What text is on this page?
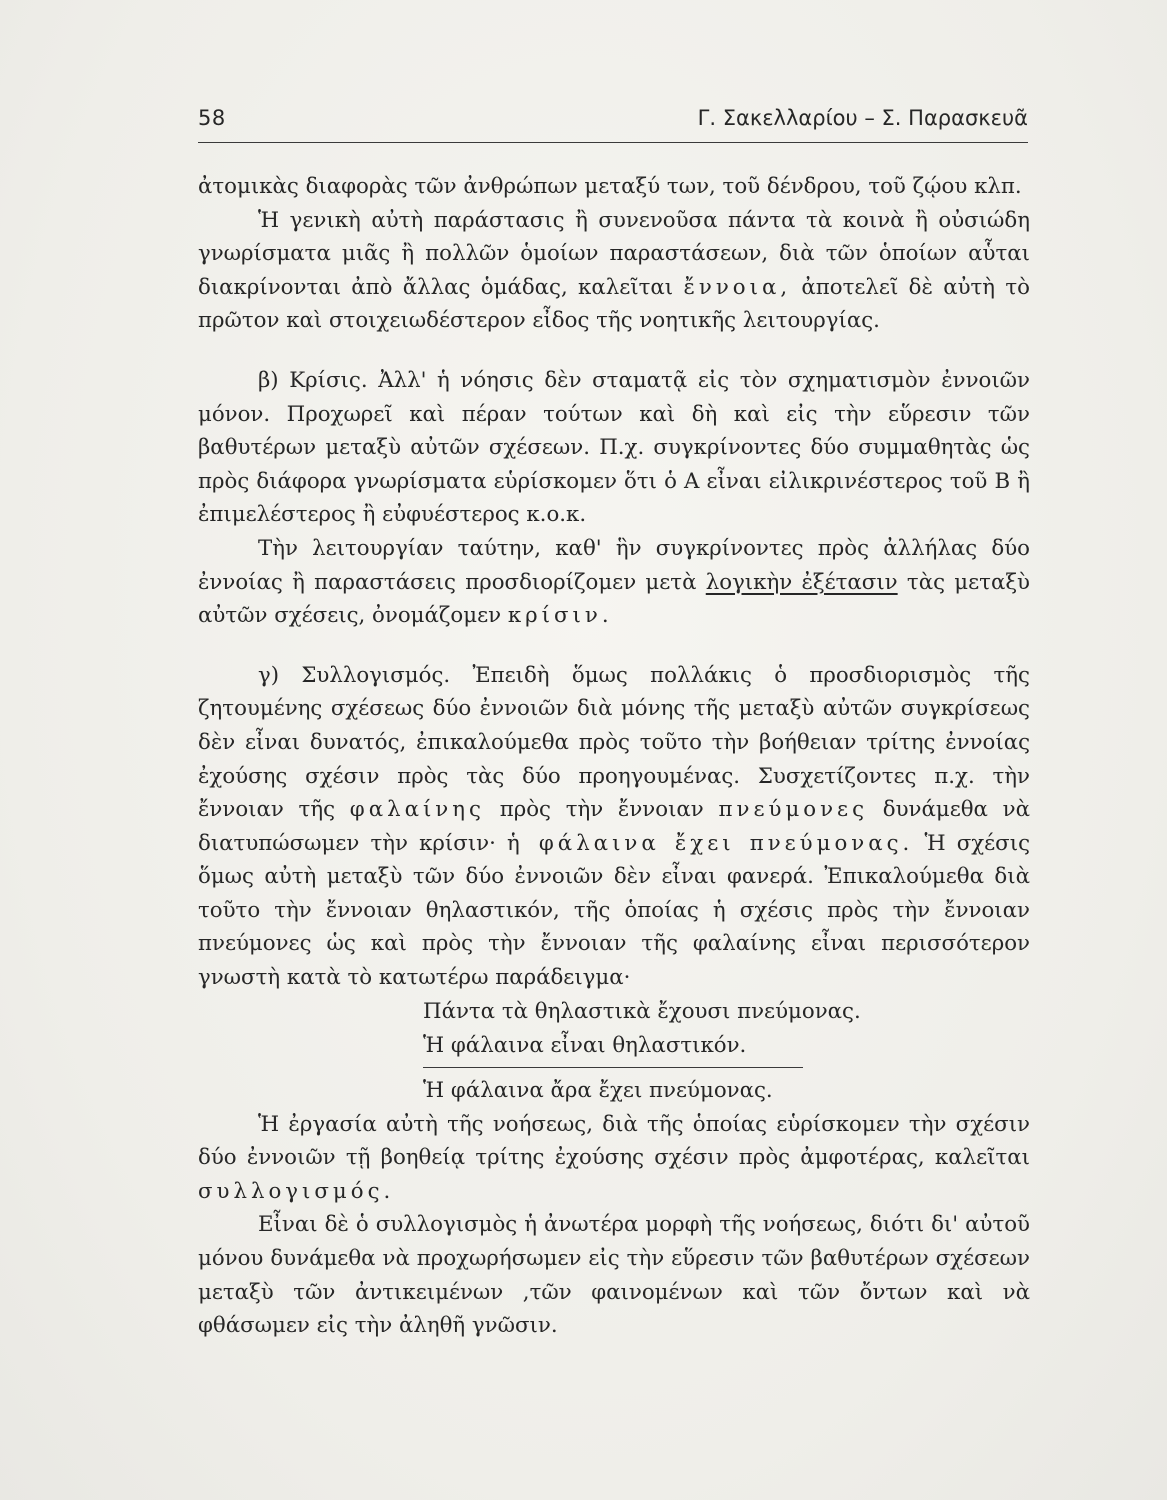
58	Γ. Σακελλαρίου – Σ. Παρασκευᾶ

ἀτομικὰς διαφορὰς τῶν ἀνθρώπων μεταξύ των, τοῦ δένδρου, τοῦ ζῴου κλπ.

Ἡ γενικὴ αὐτὴ παράστασις ἢ συνενοῦσα πάντα τὰ κοινὰ ἢ οὐσιώδη γνωρίσματα μιᾶς ἢ πολλῶν ὁμοίων παραστάσεων, διὰ τῶν ὁποίων αὗται διακρίνονται ἀπὸ ἄλλας ὁμάδας, καλεῖται ἔννοια, ἀποτελεῖ δὲ αὐτὴ τὸ πρῶτον καὶ στοιχειωδέστερον εἶδος τῆς νοητικῆς λειτουργίας.

β) Κρίσις. Ἀλλ' ἡ νόησις δὲν σταματᾷ εἰς τὸν σχηματισμὸν ἐννοιῶν μόνον. Προχωρεῖ καὶ πέραν τούτων καὶ δὴ καὶ εἰς τὴν εὕρεσιν τῶν βαθυτέρων μεταξὺ αὐτῶν σχέσεων. Π.χ. συγκρίνοντες δύο συμμαθητὰς ὡς πρὸς διάφορα γνωρίσματα εὑρίσκομεν ὅτι ὁ Α εἶναι εἰλικρινέστερος τοῦ Β ἢ ἐπιμελέστερος ἢ εὐφυέστερος κ.ο.κ.

Τὴν λειτουργίαν ταύτην, καθ' ἣν συγκρίνοντες πρὸς ἀλλήλας δύο ἐννοίας ἢ παραστάσεις προσδιορίζομεν μετὰ λογικὴν ἐξέτασιν τὰς μεταξὺ αὐτῶν σχέσεις, ὀνομάζομεν κρίσιν.

γ) Συλλογισμός. Ἐπειδὴ ὅμως πολλάκις ὁ προσδιορισμὸς τῆς ζητουμένης σχέσεως δύο ἐννοιῶν διὰ μόνης τῆς μεταξὺ αὐτῶν συγκρίσεως δὲν εἶναι δυνατός, ἐπικαλούμεθα πρὸς τοῦτο τὴν βοήθειαν τρίτης ἐννοίας ἐχούσης σχέσιν πρὸς τὰς δύο προηγουμένας. Συσχετίζοντες π.χ. τὴν ἔννοιαν τῆς φαλαίνης πρὸς τὴν ἔννοιαν πνεύμονες δυνάμεθα νὰ διατυπώσωμεν τὴν κρίσιν· ἡ φάλαινα ἔχει πνεύμονας. Ἡ σχέσις ὅμως αὐτὴ μεταξὺ τῶν δύο ἐννοιῶν δὲν εἶναι φανερά. Ἐπικαλούμεθα διὰ τοῦτο τὴν ἔννοιαν θηλαστικόν, τῆς ὁποίας ἡ σχέσις πρὸς τὴν ἔννοιαν πνεύμονες ὡς καὶ πρὸς τὴν ἔννοιαν τῆς φαλαίνης εἶναι περισσότερον γνωστὴ κατὰ τὸ κατωτέρω παράδειγμα·

Πάντα τὰ θηλαστικὰ ἔχουσι πνεύμονας.
Ἡ φάλαινα εἶναι θηλαστικόν.
Ἡ φάλαινα ἄρα ἔχει πνεύμονας.

Ἡ ἐργασία αὐτὴ τῆς νοήσεως, διὰ τῆς ὁποίας εὑρίσκομεν τὴν σχέσιν δύο ἐννοιῶν τῇ βοηθείᾳ τρίτης ἐχούσης σχέσιν πρὸς ἀμφοτέρας, καλεῖται συλλογισμός.

Εἶναι δὲ ὁ συλλογισμὸς ἡ ἀνωτέρα μορφὴ τῆς νοήσεως, διότι δι' αὐτοῦ μόνου δυνάμεθα νὰ προχωρήσωμεν εἰς τὴν εὕρεσιν τῶν βαθυτέρων σχέσεων μεταξὺ τῶν ἀντικειμένων ,τῶν φαινομένων καὶ τῶν ὄντων καὶ νὰ φθάσωμεν εἰς τὴν ἀληθῆ γνῶσιν.
